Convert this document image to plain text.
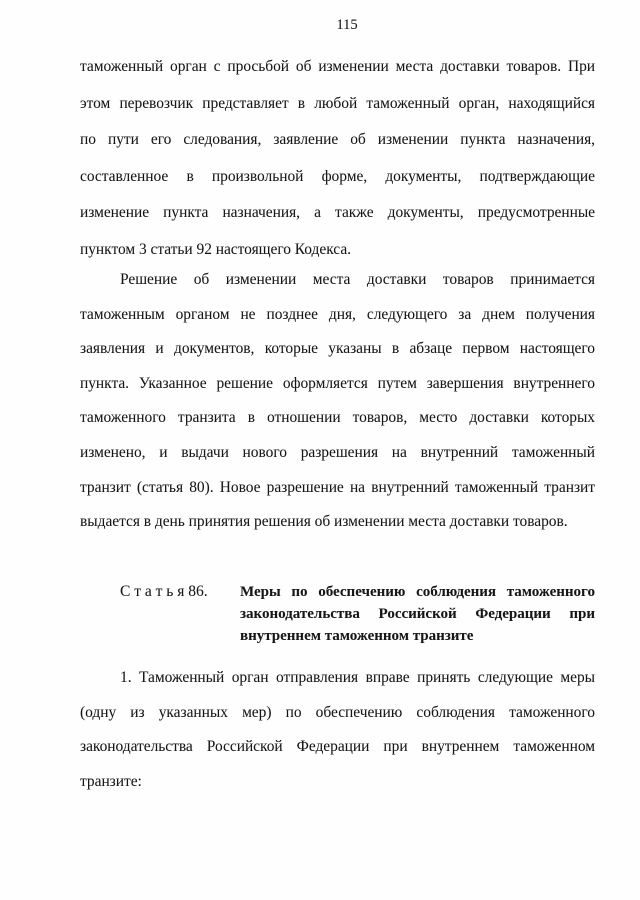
115
таможенный орган с просьбой об изменении места доставки товаров. При
этом перевозчик представляет в любой таможенный орган, находящийся
по пути его следования, заявление об изменении пункта назначения,
составленное в произвольной форме, документы, подтверждающие
изменение пункта назначения, а также документы, предусмотренные
пунктом 3 статьи 92 настоящего Кодекса.
Решение об изменении места доставки товаров принимается
таможенным органом не позднее дня, следующего за днем получения
заявления и документов, которые указаны в абзаце первом настоящего
пункта. Указанное решение оформляется путем завершения внутреннего
таможенного транзита в отношении товаров, место доставки которых
изменено, и выдачи нового разрешения на внутренний таможенный
транзит (статья 80). Новое разрешение на внутренний таможенный транзит
выдается в день принятия решения об изменении места доставки товаров.
С т а т ь я 86. Меры по обеспечению соблюдения таможенного
законодательства Российской Федерации при
внутреннем таможенном транзите
1. Таможенный орган отправления вправе принять следующие меры
(одну из указанных мер) по обеспечению соблюдения таможенного
законодательства Российской Федерации при внутреннем таможенном
транзите:
